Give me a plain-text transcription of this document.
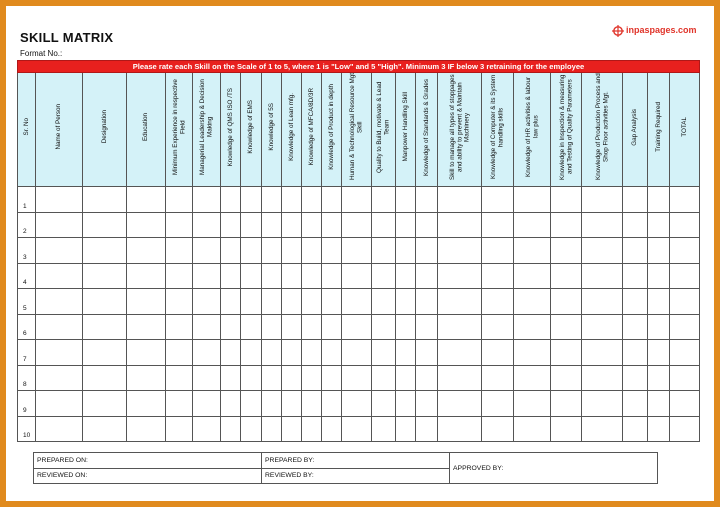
SKILL MATRIX
Format No.:
inpaspages.com
Please rate each Skill on the Scale of 1 to 5, where 1 is "Low" and 5 "High". Minimum 3 IF below 3 retraining for the employee																							
Sr. No	Name of Person	Designation	Education	Minimum Experience in respective Field	Managerial Leadership & Decision Making	Knowledge of QMS ISO /TS	Knowledge of EMS	Knowledge of 5S	Knowledge of Lean mfg.	Knowledge of MFCA/8D/3R	Knowledge of Product in depth	Human & Technological Resource Mgt Skill	Quality to Build, motivate & Lead Team	Manpower Handling Skill	Knowledge of Standards & Grades	Skill to manage all types of stoppages and ability to prevent & Maintain Machinery	Knowledge of Computer & its System handling skills	Knowledge of HR activities & labour law plus	Knowledge in Inspection & measuring and Testing of Quality Parameters	Knowledge of Production Process and Shop Floor activities Mgt.	Gap Analysis	Training Required	TOTAL
1																							
2																							
3																							
4																							
5																							
6																							
7																							
8																							
9																							
10																							
PREPARED ON:	PREPARED BY:	APPROVED BY:
REVIEWED ON:	REVIEWED BY:	
